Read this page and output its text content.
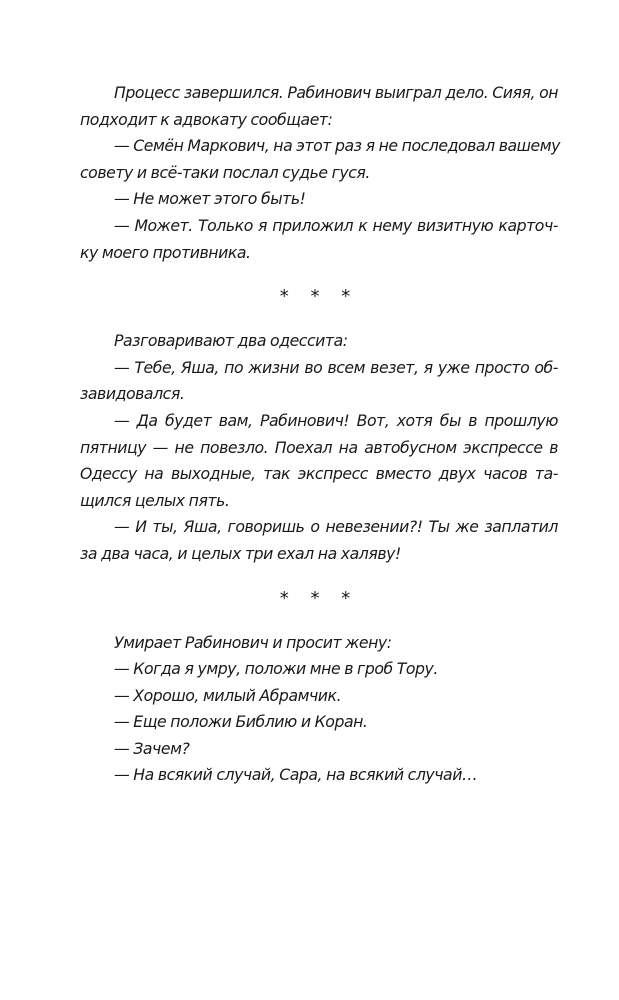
Процесс завершился. Рабинович выиграл дело. Сияя, он
подходит к адвокату сообщает:
— Семён Маркович, на этот раз я не последовал вашему
совету и всё-таки послал судье гуся.
— Не может этого быть!
— Может. Только я приложил к нему визитную карточ-
ку моего противника.
* * *
Разговаривают два одессита:
— Тебе, Яша, по жизни во всем везет, я уже просто об-
завидовался.
— Да будет вам, Рабинович! Вот, хотя бы в прошлую
пятницу — не повезло. Поехал на автобусном экспрессе в
Одессу на выходные, так экспресс вместо двух часов та-
щился целых пять.
— И ты, Яша, говоришь о невезении?! Ты же заплатил
за два часа, и целых три ехал на халяву!
* * *
Умирает Рабинович и просит жену:
— Когда я умру, положи мне в гроб Тору.
— Хорошо, милый Абрамчик.
— Еще положи Библию и Коран.
— Зачем?
— На всякий случай, Сара, на всякий случай…
